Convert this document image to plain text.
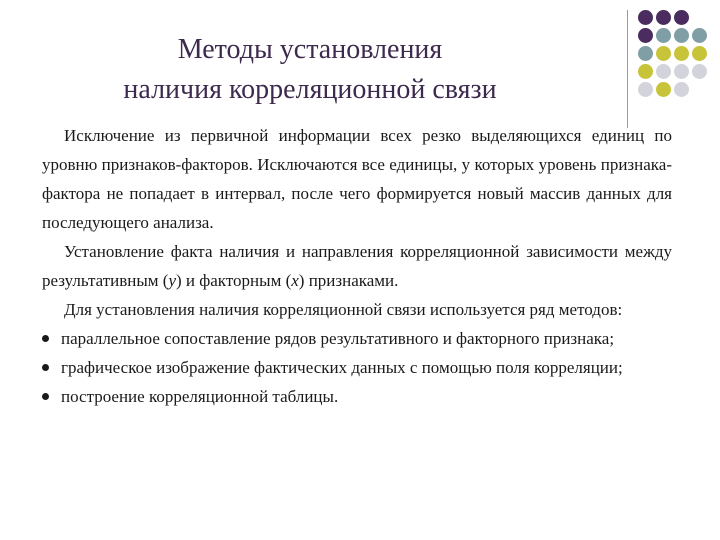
Методы установления
наличия корреляционной связи

Исключение из первичной информации всех резко выделяющихся единиц по уровню признаков-факторов. Исключаются все единицы, у которых уровень признака-фактора не попадает в интервал, после чего формируется новый массив данных для последующего анализа.

Установление факта наличия и направления корреляционной зависимости между результативным (y) и факторным (x) признаками.

Для установления наличия корреляционной связи используется ряд методов:

параллельное сопоставление рядов результативного и факторного признака;

графическое изображение фактических данных с помощью поля корреляции;

построение корреляционной таблицы.
